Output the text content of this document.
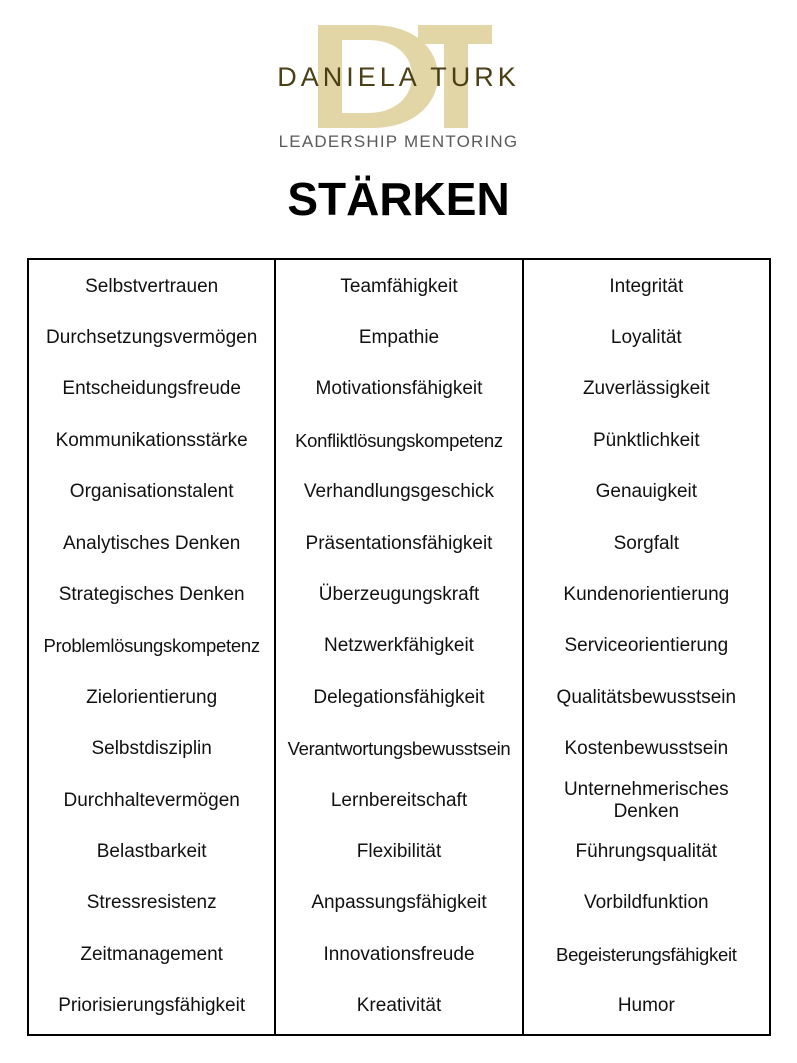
DANIELA TURK
LEADERSHIP MENTORING
STÄRKEN
Selbstvertrauen
Durchsetzungsvermögen
Entscheidungsfreude
Kommunikationsstärke
Organisationstalent
Analytisches Denken
Strategisches Denken
Problemlösungskompetenz
Zielorientierung
Selbstdisziplin
Durchhaltevermögen
Belastbarkeit
Stressresistenz
Zeitmanagement
Priorisierungsfähigkeit
Teamfähigkeit
Empathie
Motivationsfähigkeit
Konfliktlösungskompetenz
Verhandlungsgeschick
Präsentationsfähigkeit
Überzeugungskraft
Netzwerkfähigkeit
Delegationsfähigkeit
Verantwortungsbewusstsein
Lernbereitschaft
Flexibilität
Anpassungsfähigkeit
Innovationsfreude
Kreativität
Integrität
Loyalität
Zuverlässigkeit
Pünktlichkeit
Genauigkeit
Sorgfalt
Kundenorientierung
Serviceorientierung
Qualitätsbewusstsein
Kostenbewusstsein
Unternehmerisches
Denken
Führungsqualität
Vorbildfunktion
Begeisterungsfähigkeit
Humor
